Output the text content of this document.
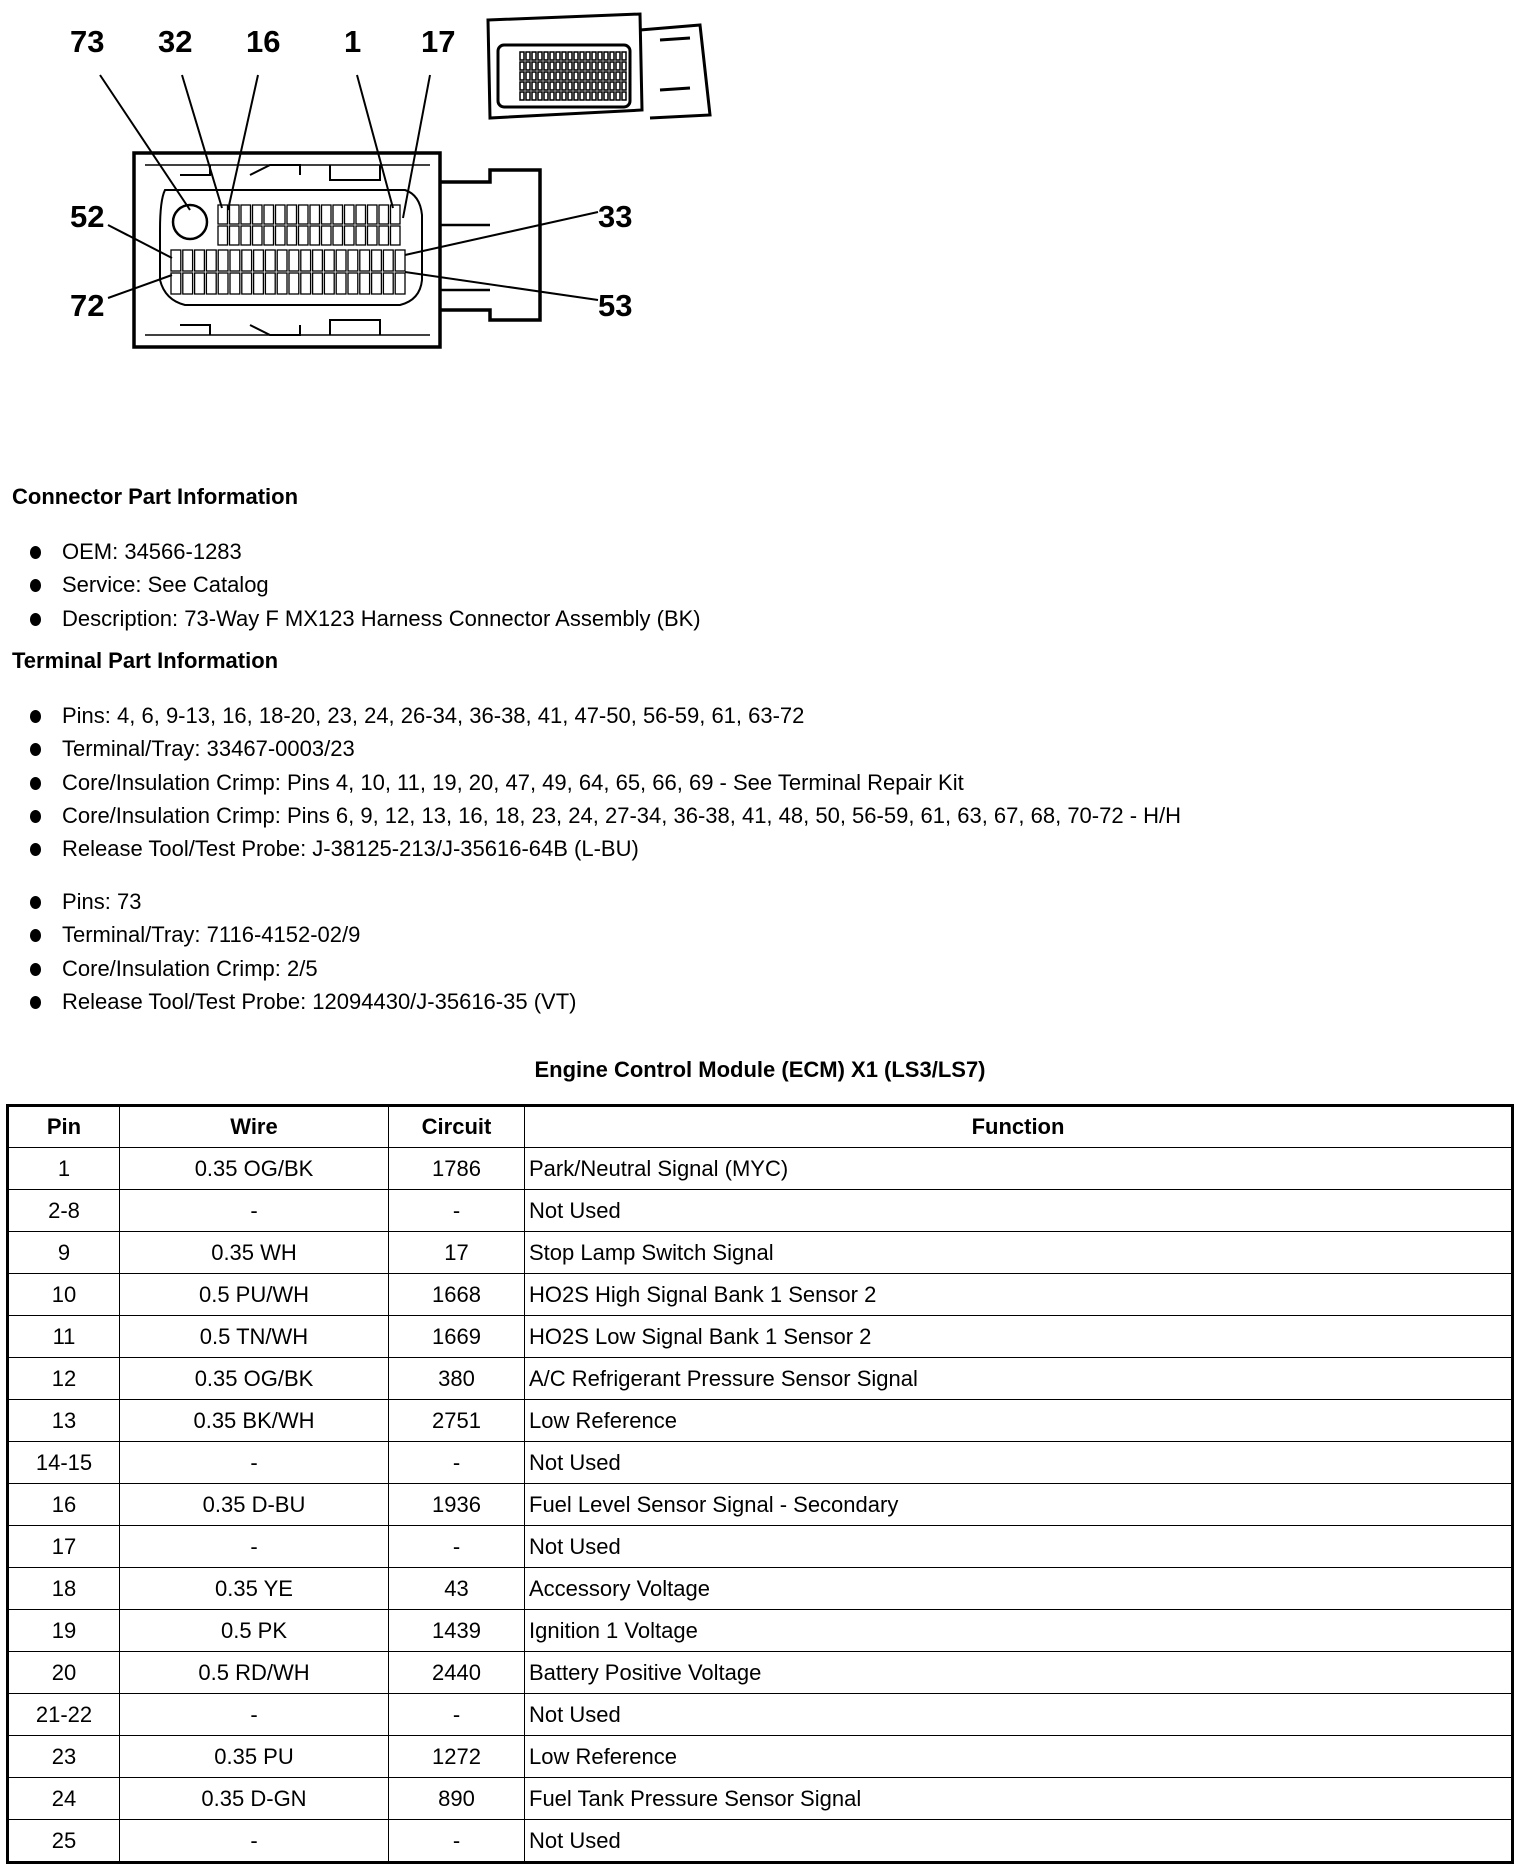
73 32 16 1 17
52
72
33
53
Connector Part Information
OEM: 34566-1283
Service: See Catalog
Description: 73-Way F MX123 Harness Connector Assembly (BK)
Terminal Part Information
Pins: 4, 6, 9-13, 16, 18-20, 23, 24, 26-34, 36-38, 41, 47-50, 56-59, 61, 63-72
Terminal/Tray: 33467-0003/23
Core/Insulation Crimp: Pins 4, 10, 11, 19, 20, 47, 49, 64, 65, 66, 69 - See Terminal Repair Kit
Core/Insulation Crimp: Pins 6, 9, 12, 13, 16, 18, 23, 24, 27-34, 36-38, 41, 48, 50, 56-59, 61, 63, 67, 68, 70-72 - H/H
Release Tool/Test Probe: J-38125-213/J-35616-64B (L-BU)
Pins: 73
Terminal/Tray: 7116-4152-02/9
Core/Insulation Crimp: 2/5
Release Tool/Test Probe: 12094430/J-35616-35 (VT)
Engine Control Module (ECM) X1 (LS3/LS7)
Pin	Wire	Circuit	Function
1	0.35 OG/BK	1786	Park/Neutral Signal (MYC)
2-8	-	-	Not Used
9	0.35 WH	17	Stop Lamp Switch Signal
10	0.5 PU/WH	1668	HO2S High Signal Bank 1 Sensor 2
11	0.5 TN/WH	1669	HO2S Low Signal Bank 1 Sensor 2
12	0.35 OG/BK	380	A/C Refrigerant Pressure Sensor Signal
13	0.35 BK/WH	2751	Low Reference
14-15	-	-	Not Used
16	0.35 D-BU	1936	Fuel Level Sensor Signal - Secondary
17	-	-	Not Used
18	0.35 YE	43	Accessory Voltage
19	0.5 PK	1439	Ignition 1 Voltage
20	0.5 RD/WH	2440	Battery Positive Voltage
21-22	-	-	Not Used
23	0.35 PU	1272	Low Reference
24	0.35 D-GN	890	Fuel Tank Pressure Sensor Signal
25	-	-	Not Used
